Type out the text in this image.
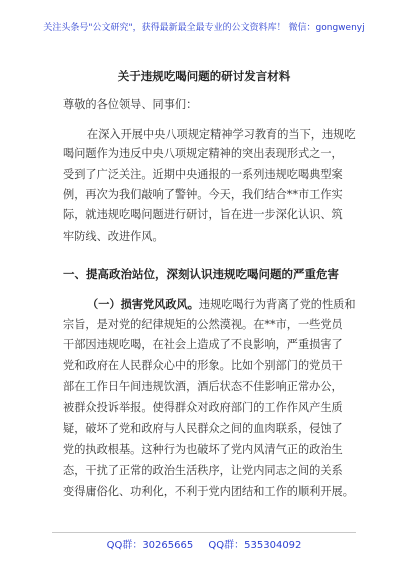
关注头条号"公文研究"，获得最新最全最专业的公文资料库！ 微信：gongwenyj
关于违规吃喝问题的研讨发言材料
尊敬的各位领导、同事们：
在深入开展中央八项规定精神学习教育的当下，违规吃
喝问题作为违反中央八项规定精神的突出表现形式之一，
受到了广泛关注。近期中央通报的一系列违规吃喝典型案
例，再次为我们敲响了警钟。今天，我们结合**市工作实
际，就违规吃喝问题进行研讨，旨在进一步深化认识、筑
牢防线、改进作风。
一、提高政治站位，深刻认识违规吃喝问题的严重危害
（一）损害党风政风。违规吃喝行为背离了党的性质和
宗旨，是对党的纪律规矩的公然漠视。在**市，一些党员
干部因违规吃喝，在社会上造成了不良影响，严重损害了
党和政府在人民群众心中的形象。比如个别部门的党员干
部在工作日午间违规饮酒，酒后状态不佳影响正常办公，
被群众投诉举报。使得群众对政府部门的工作作风产生质
疑，破坏了党和政府与人民群众之间的血肉联系，侵蚀了
党的执政根基。这种行为也破坏了党内风清气正的政治生
态，干扰了正常的政治生活秩序，让党内同志之间的关系
变得庸俗化、功利化，不利于党内团结和工作的顺利开展。
QQ群：30265665 QQ群：535304092
